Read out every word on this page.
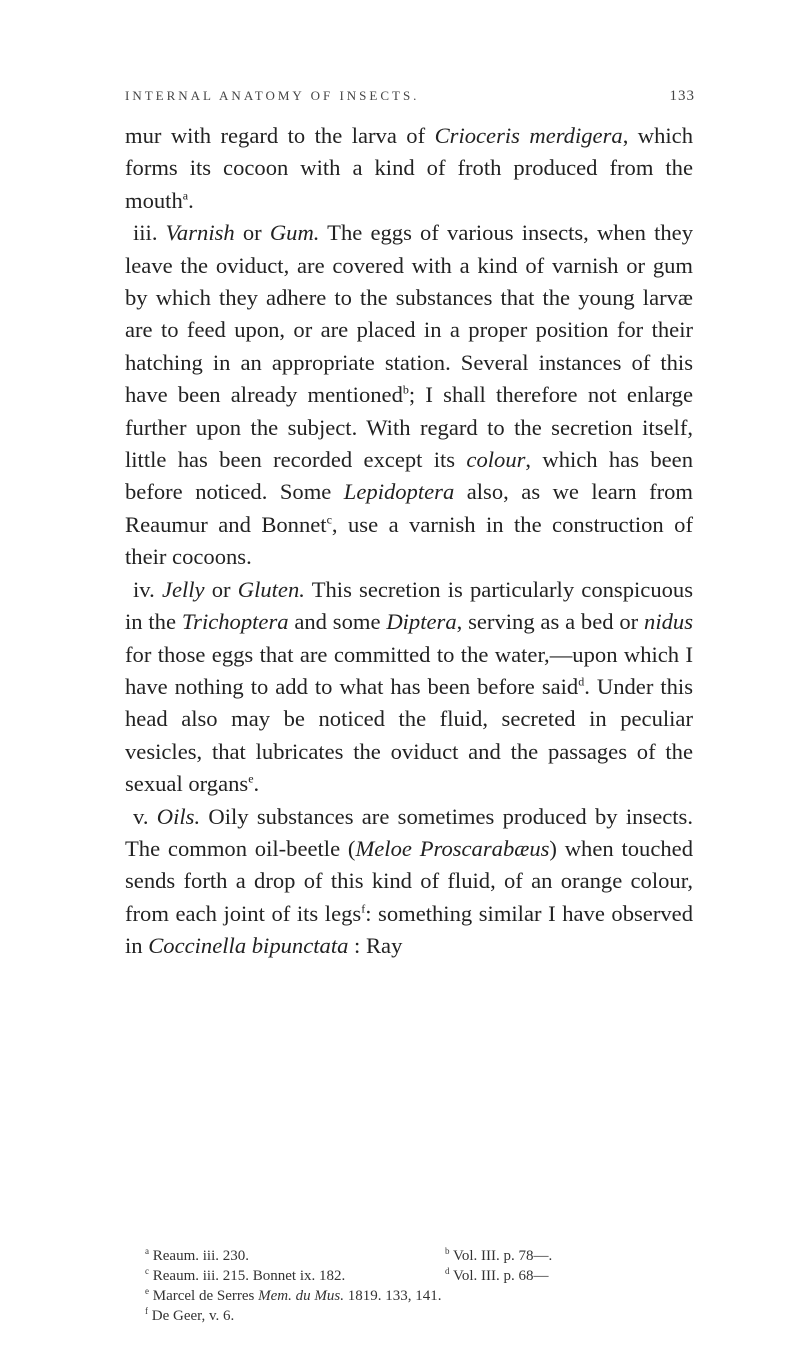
INTERNAL ANATOMY OF INSECTS.	133

mur with regard to the larva of Crioceris merdigera, which forms its cocoon with a kind of froth produced from the mouth$^a$.

iii. Varnish or Gum. The eggs of various insects, when they leave the oviduct, are covered with a kind of varnish or gum by which they adhere to the substances that the young larvæ are to feed upon, or are placed in a proper position for their hatching in an appropriate station. Several instances of this have been already mentioned$^b$; I shall therefore not enlarge further upon the subject. With regard to the secretion itself, little has been recorded except its colour, which has been before noticed. Some Lepidoptera also, as we learn from Reaumur and Bonnet$^c$, use a varnish in the construction of their cocoons.

iv. Jelly or Gluten. This secretion is particularly conspicuous in the Trichoptera and some Diptera, serving as a bed or nidus for those eggs that are committed to the water,—upon which I have nothing to add to what has been before said$^d$. Under this head also may be noticed the fluid, secreted in peculiar vesicles, that lubricates the oviduct and the passages of the sexual organs$^e$.

v. Oils. Oily substances are sometimes produced by insects. The common oil-beetle (Meloe Proscarabæus) when touched sends forth a drop of this kind of fluid, of an orange colour, from each joint of its legs$^f$: something similar I have observed in Coccinella bipunctata : Ray

$^a$ Reaum. iii. 230.	$^b$ Vol. III. p. 78—.
$^c$ Reaum. iii. 215. Bonnet ix. 182.	$^d$ Vol. III. p. 68—
$^e$ Marcel de Serres Mem. du Mus. 1819. 133, 141.
$^f$ De Geer, v. 6.
